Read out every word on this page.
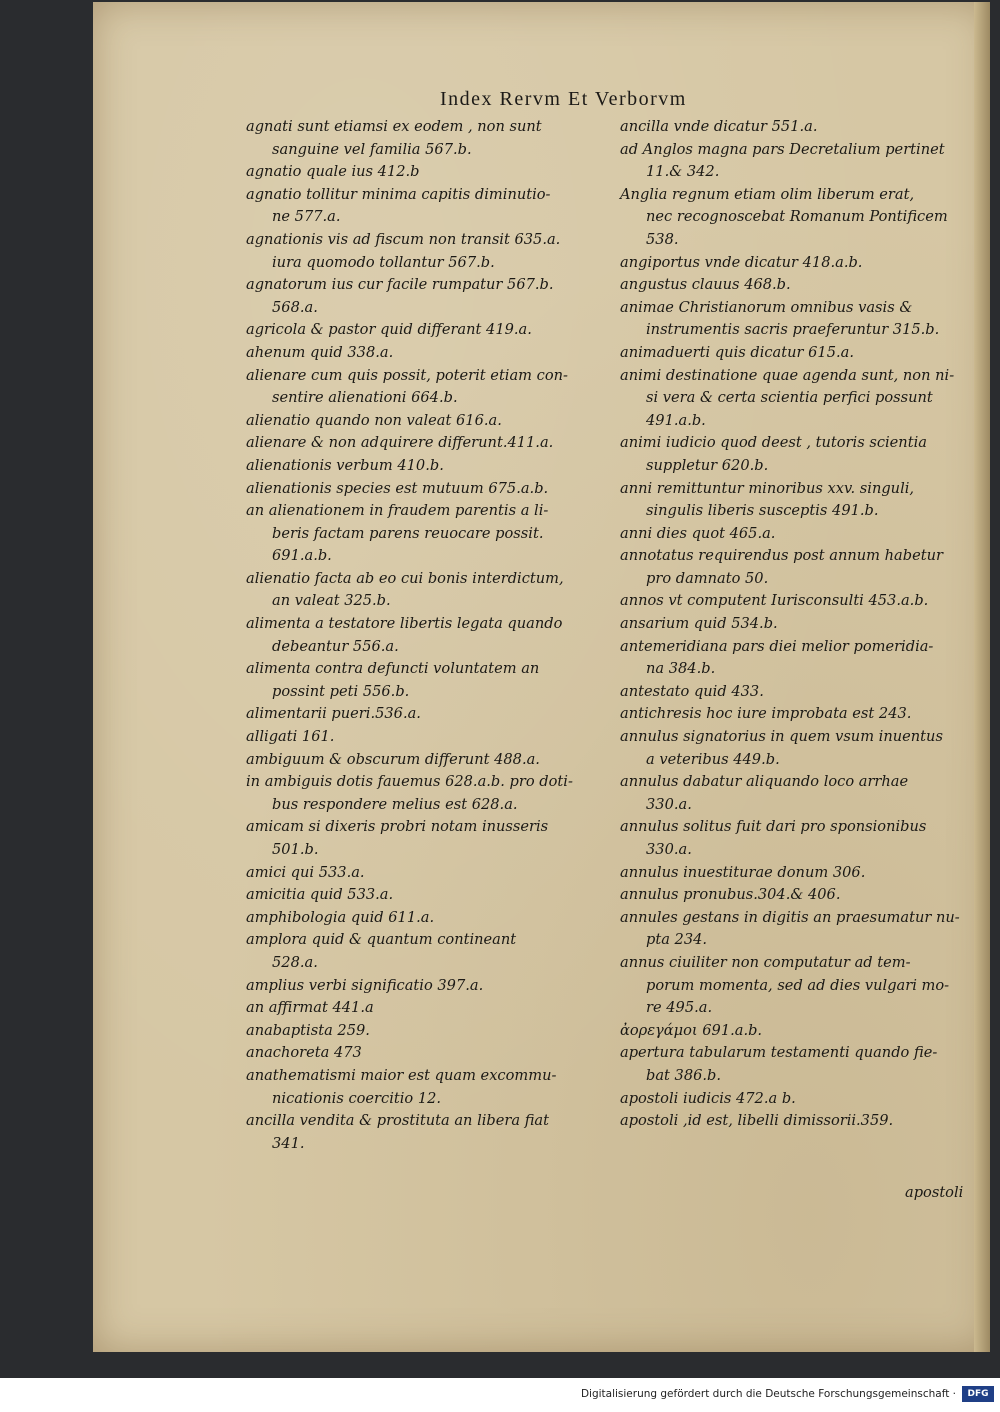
Index Rervm Et Verborvm
agnati sunt etiamsi ex eodem , non sunt
sanguine vel familia 567.b.
agnatio quale ius 412.b
agnatio tollitur minima capitis diminutio-
ne 577.a.
agnationis vis ad fiscum non transit 635.a.
iura quomodo tollantur 567.b.
agnatorum ius cur facile rumpatur 567.b.
568.a.
agricola & pastor quid differant 419.a.
ahenum quid 338.a.
alienare cum quis possit, poterit etiam con-
sentire alienationi 664.b.
alienatio quando non valeat 616.a.
alienare & non adquirere differunt.411.a.
alienationis verbum 410.b.
alienationis species est mutuum 675.a.b.
an alienationem in fraudem parentis a li-
beris factam parens reuocare possit.
691.a.b.
alienatio facta ab eo cui bonis interdictum,
an valeat 325.b.
alimenta a testatore libertis legata quando
debeantur 556.a.
alimenta contra defuncti voluntatem an
possint peti 556.b.
alimentarii pueri.536.a.
alligati 161.
ambiguum & obscurum differunt 488.a.
in ambiguis dotis fauemus 628.a.b. pro doti-
bus respondere melius est 628.a.
amicam si dixeris probri notam inusseris
501.b.
amici qui 533.a.
amicitia quid 533.a.
amphibologia quid 611.a.
amplora quid & quantum contineant
528.a.
amplius verbi significatio 397.a.
an affirmat 441.a
anabaptista 259.
anachoreta 473
anathematismi maior est quam excommu-
nicationis coercitio 12.
ancilla vendita & prostituta an libera fiat
341.
ancilla vnde dicatur 551.a.
ad Anglos magna pars Decretalium pertinet
11.& 342.
Anglia regnum etiam olim liberum erat,
nec recognoscebat Romanum Pontificem
538.
angiportus vnde dicatur 418.a.b.
angustus clauus 468.b.
animae Christianorum omnibus vasis &
instrumentis sacris praeferuntur 315.b.
animaduerti quis dicatur 615.a.
animi destinatione quae agenda sunt, non ni-
si vera & certa scientia perfici possunt
491.a.b.
animi iudicio quod deest , tutoris scientia
suppletur 620.b.
anni remittuntur minoribus xxv. singuli,
singulis liberis susceptis 491.b.
anni dies quot 465.a.
annotatus requirendus post annum habetur
pro damnato 50.
annos vt computent Iurisconsulti 453.a.b.
ansarium quid 534.b.
antemeridiana pars diei melior pomeridia-
na 384.b.
antestato quid 433.
antichresis hoc iure improbata est 243.
annulus signatorius in quem vsum inuentus
a veteribus 449.b.
annulus dabatur aliquando loco arrhae
330.a.
annulus solitus fuit dari pro sponsionibus
330.a.
annulus inuestiturae donum 306.
annulus pronubus.304.& 406.
annules gestans in digitis an praesumatur nu-
pta 234.
annus ciuiliter non computatur ad tem-
porum momenta, sed ad dies vulgari mo-
re 495.a.
ἀορεγάμοι 691.a.b.
apertura tabularum testamenti quando fie-
bat 386.b.
apostoli iudicis 472.a b.
apostoli ,id est, libelli dimissorii.359.
apostoli
Digitalisierung gefördert durch die Deutsche Forschungsgemeinschaft ·	DFG
